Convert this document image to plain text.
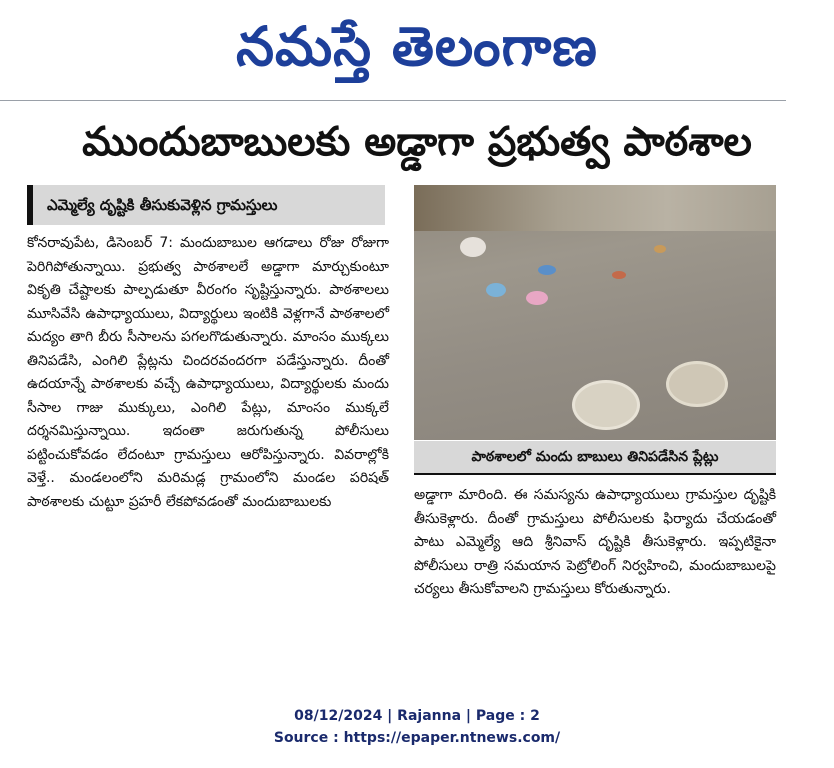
నమస్తే తెలంగాణ
ముందుబాబులకు అడ్డాగా ప్రభుత్వ పాఠశాల
ఎమ్మెల్యే దృష్టికి తీసుకువెళ్లిన గ్రామస్తులు

కోనరావుపేట, డిసెంబర్ 7: మందుబాబుల ఆగడాలు రోజు రోజుగా పెరిగిపోతున్నాయి. ప్రభుత్వ పాఠశాలలే అడ్డాగా మార్చుకుంటూ వికృతి చేష్టాలకు పాల్పడుతూ వీరంగం సృష్టిస్తున్నారు. పాఠశాలలు మూసివేసి ఉపాధ్యాయులు, విద్యార్థులు ఇంటికి వెళ్లగానే పాఠశాలలో మద్యం తాగి బీరు సీసాలను పగలగొడుతున్నారు. మాంసం ముక్కలు తినిపడేసి, ఎంగిలి ప్లేట్లను చిందరవందరగా పడేస్తున్నారు. దీంతో ఉదయాన్నే పాఠశాలకు వచ్చే ఉపాధ్యాయులు, విద్యార్థులకు మందు సీసాల గాజు ముక్కులు, ఎంగిలి పేట్లు, మాంసం ముక్కలే దర్శనమిస్తున్నాయి. ఇదంతా జరుగుతున్న పోలీసులు పట్టించుకోవడం లేదంటూ గ్రామస్తులు ఆరోపిస్తున్నారు. వివరాల్లోకి వెళ్తే.. మండలంలోని మరిమడ్ల గ్రామంలోని మండల పరిషత్ పాఠశాలకు చుట్టూ ప్రహరీ లేకపోవడంతో మందుబాబులకు

పాఠశాలలో మందు బాబులు తినిపడేసిన ప్లేట్లు

అడ్డాగా మారింది. ఈ సమస్యను ఉపాధ్యాయులు గ్రామస్తుల దృష్టికి తీసుకెళ్లారు. దీంతో గ్రామస్తులు పోలీసులకు ఫిర్యాదు చేయడంతో పాటు ఎమ్మెల్యే ఆది శ్రీనివాస్ దృష్టికి తీసుకెళ్లారు. ఇప్పటికైనా పోలీసులు రాత్రి సమయాన పెట్రోలింగ్ నిర్వహించి, మందుబాబులపై చర్యలు తీసుకోవాలని గ్రామస్తులు కోరుతున్నారు.

08/12/2024 | Rajanna | Page : 2
Source : https://epaper.ntnews.com/
